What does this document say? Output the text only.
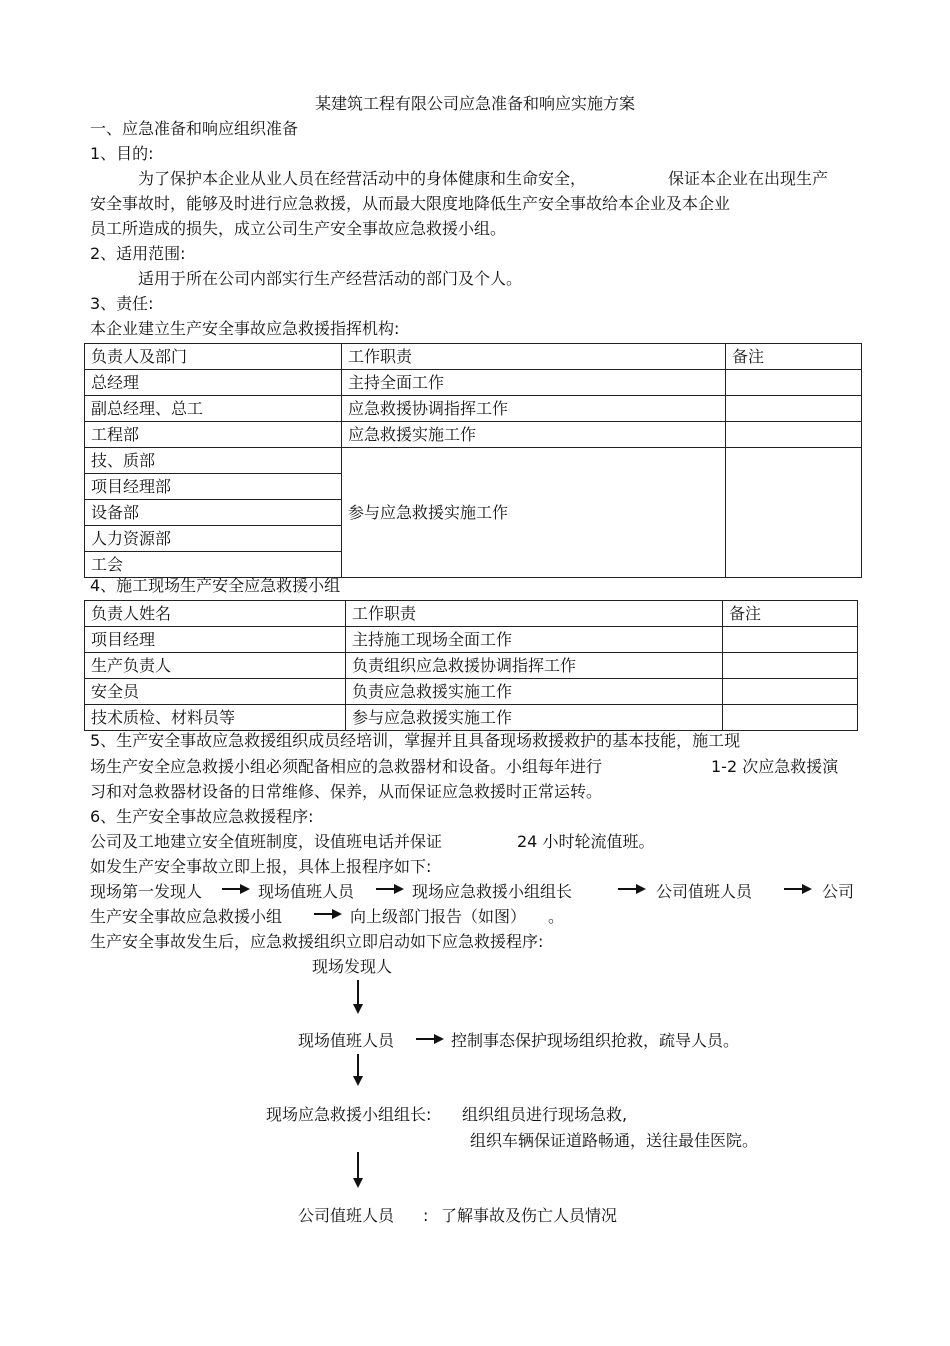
某建筑工程有限公司应急准备和响应实施方案
一、应急准备和响应组织准备
1、目的:
为了保护本企业从业人员在经营活动中的身体健康和生命安全，	保证本企业在出现生产
安全事故时，能够及时进行应急救援，从而最大限度地降低生产安全事故给本企业及本企业
员工所造成的损失，成立公司生产安全事故应急救援小组。
2、适用范围:
适用于所在公司内部实行生产经营活动的部门及个人。
3、责任:
本企业建立生产安全事故应急救援指挥机构:
负责人及部门	工作职责	备注
总经理	主持全面工作	
副总经理、总工	应急救援协调指挥工作	
工程部	应急救援实施工作	
技、质部	参与应急救援实施工作	
项目经理部		
设备部		
人力资源部		
工会		
4、施工现场生产安全应急救援小组
负责人姓名	工作职责	备注
项目经理	主持施工现场全面工作	
生产负责人	负责组织应急救援协调指挥工作	
安全员	负责应急救援实施工作	
技术质检、材料员等	参与应急救援实施工作	
5、生产安全事故应急救援组织成员经培训，掌握并且具备现场救援救护的基本技能，施工现
场生产安全应急救援小组必须配备相应的急救器材和设备。小组每年进行	1-2 次应急救援演
习和对急救器材设备的日常维修、保养，从而保证应急救援时正常运转。
6、生产安全事故应急救援程序:
公司及工地建立安全值班制度，设值班电话并保证	24 小时轮流值班。
如发生产安全事故立即上报，具体上报程序如下:
现场第一发现人	现场值班人员	现场应急救援小组组长	公司值班人员	公司
生产安全事故应急救援小组	向上级部门报告（如图） 。
生产安全事故发生后，应急救援组织立即启动如下应急救援程序:
现场发现人
现场值班人员	控制事态保护现场组织抢救，疏导人员。
现场应急救援小组组长: 组织组员进行现场急救,
组织车辆保证道路畅通，送往最佳医院。
公司值班人员 : 了解事故及伤亡人员情况
